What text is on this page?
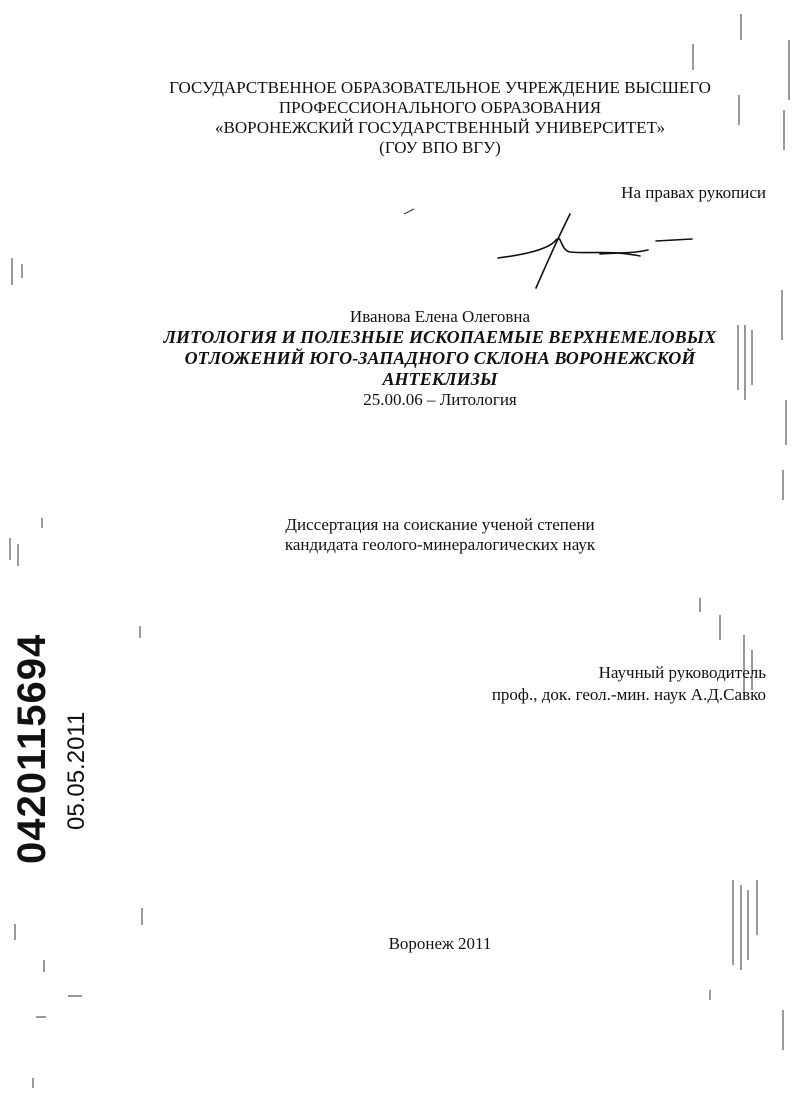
ГОСУДАРСТВЕННОЕ ОБРАЗОВАТЕЛЬНОЕ УЧРЕЖДЕНИЕ ВЫСШЕГО
ПРОФЕССИОНАЛЬНОГО ОБРАЗОВАНИЯ
«ВОРОНЕЖСКИЙ ГОСУДАРСТВЕННЫЙ УНИВЕРСИТЕТ»
(ГОУ ВПО ВГУ)
На правах рукописи
Иванова Елена Олеговна
ЛИТОЛОГИЯ И ПОЛЕЗНЫЕ ИСКОПАЕМЫЕ ВЕРХНЕМЕЛОВЫХ
ОТЛОЖЕНИЙ ЮГО-ЗАПАДНОГО СКЛОНА ВОРОНЕЖСКОЙ
АНТЕКЛИЗЫ
25.00.06 – Литология
Диссертация на соискание ученой степени
кандидата геолого-минералогических наук
Научный руководитель
проф., док. геол.-мин. наук А.Д.Савко
Воронеж 2011
0420115694 05.05.2011
